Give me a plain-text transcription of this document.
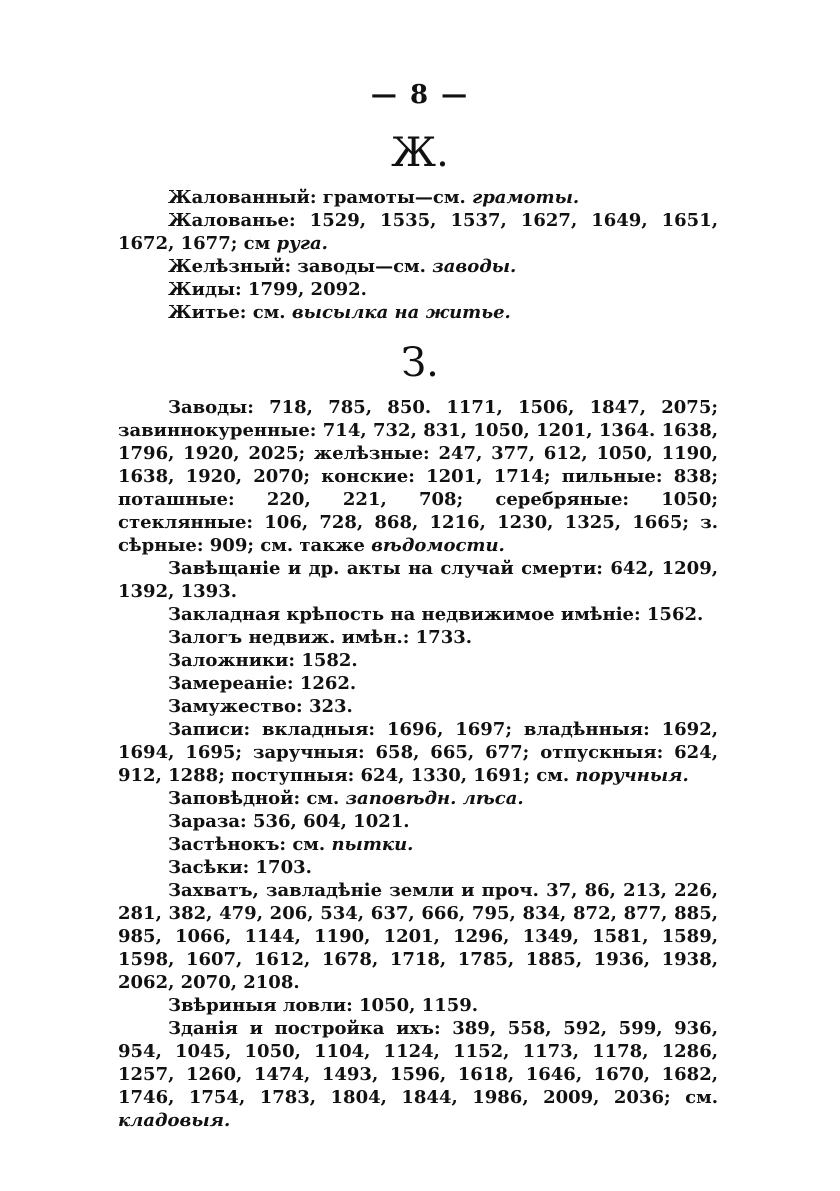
— 8 —
Ж.

Жалованный: грамоты—см. грамоты.

Жалованье: 1529, 1535, 1537, 1627, 1649, 1651, 1672, 1677; см руга.

Желѣзный: заводы—см. заводы.

Жиды: 1799, 2092.

Житье: см. высылка на житье.

З.

Заводы: 718, 785, 850. 1171, 1506, 1847, 2075; завиннокуренные: 714, 732, 831, 1050, 1201, 1364. 1638, 1796, 1920, 2025; желѣзные: 247, 377, 612, 1050, 1190, 1638, 1920, 2070; конские: 1201, 1714; пильные: 838; поташные: 220, 221, 708; серебряные: 1050; стеклянные: 106, 728, 868, 1216, 1230, 1325, 1665; з. сѣрные: 909; см. также вѣдомости.

Завѣщаніе и др. акты на случай смерти: 642, 1209, 1392, 1393.

Закладная крѣпость на недвижимое имѣніе: 1562.

Залогъ недвиж. имѣн.: 1733.

Заложники: 1582.

Замереаніе: 1262.

Замужество: 323.

Записи: вкладныя: 1696, 1697; владѣнныя: 1692, 1694, 1695; заручныя: 658, 665, 677; отпускныя: 624, 912, 1288; поступныя: 624, 1330, 1691; см. поручныя.

Заповѣдной: см. заповѣдн. лѣса.

Зараза: 536, 604, 1021.

Застѣнокъ: см. пытки.

Засѣки: 1703.

Захватъ, завладѣніе земли и проч. 37, 86, 213, 226, 281, 382, 479, 206, 534, 637, 666, 795, 834, 872, 877, 885, 985, 1066, 1144, 1190, 1201, 1296, 1349, 1581, 1589, 1598, 1607, 1612, 1678, 1718, 1785, 1885, 1936, 1938, 2062, 2070, 2108.

Звѣриныя ловли: 1050, 1159.

Зданія и постройка ихъ: 389, 558, 592, 599, 936, 954, 1045, 1050, 1104, 1124, 1152, 1173, 1178, 1286, 1257, 1260, 1474, 1493, 1596, 1618, 1646, 1670, 1682, 1746, 1754, 1783, 1804, 1844, 1986, 2009, 2036; см. кладовыя.
